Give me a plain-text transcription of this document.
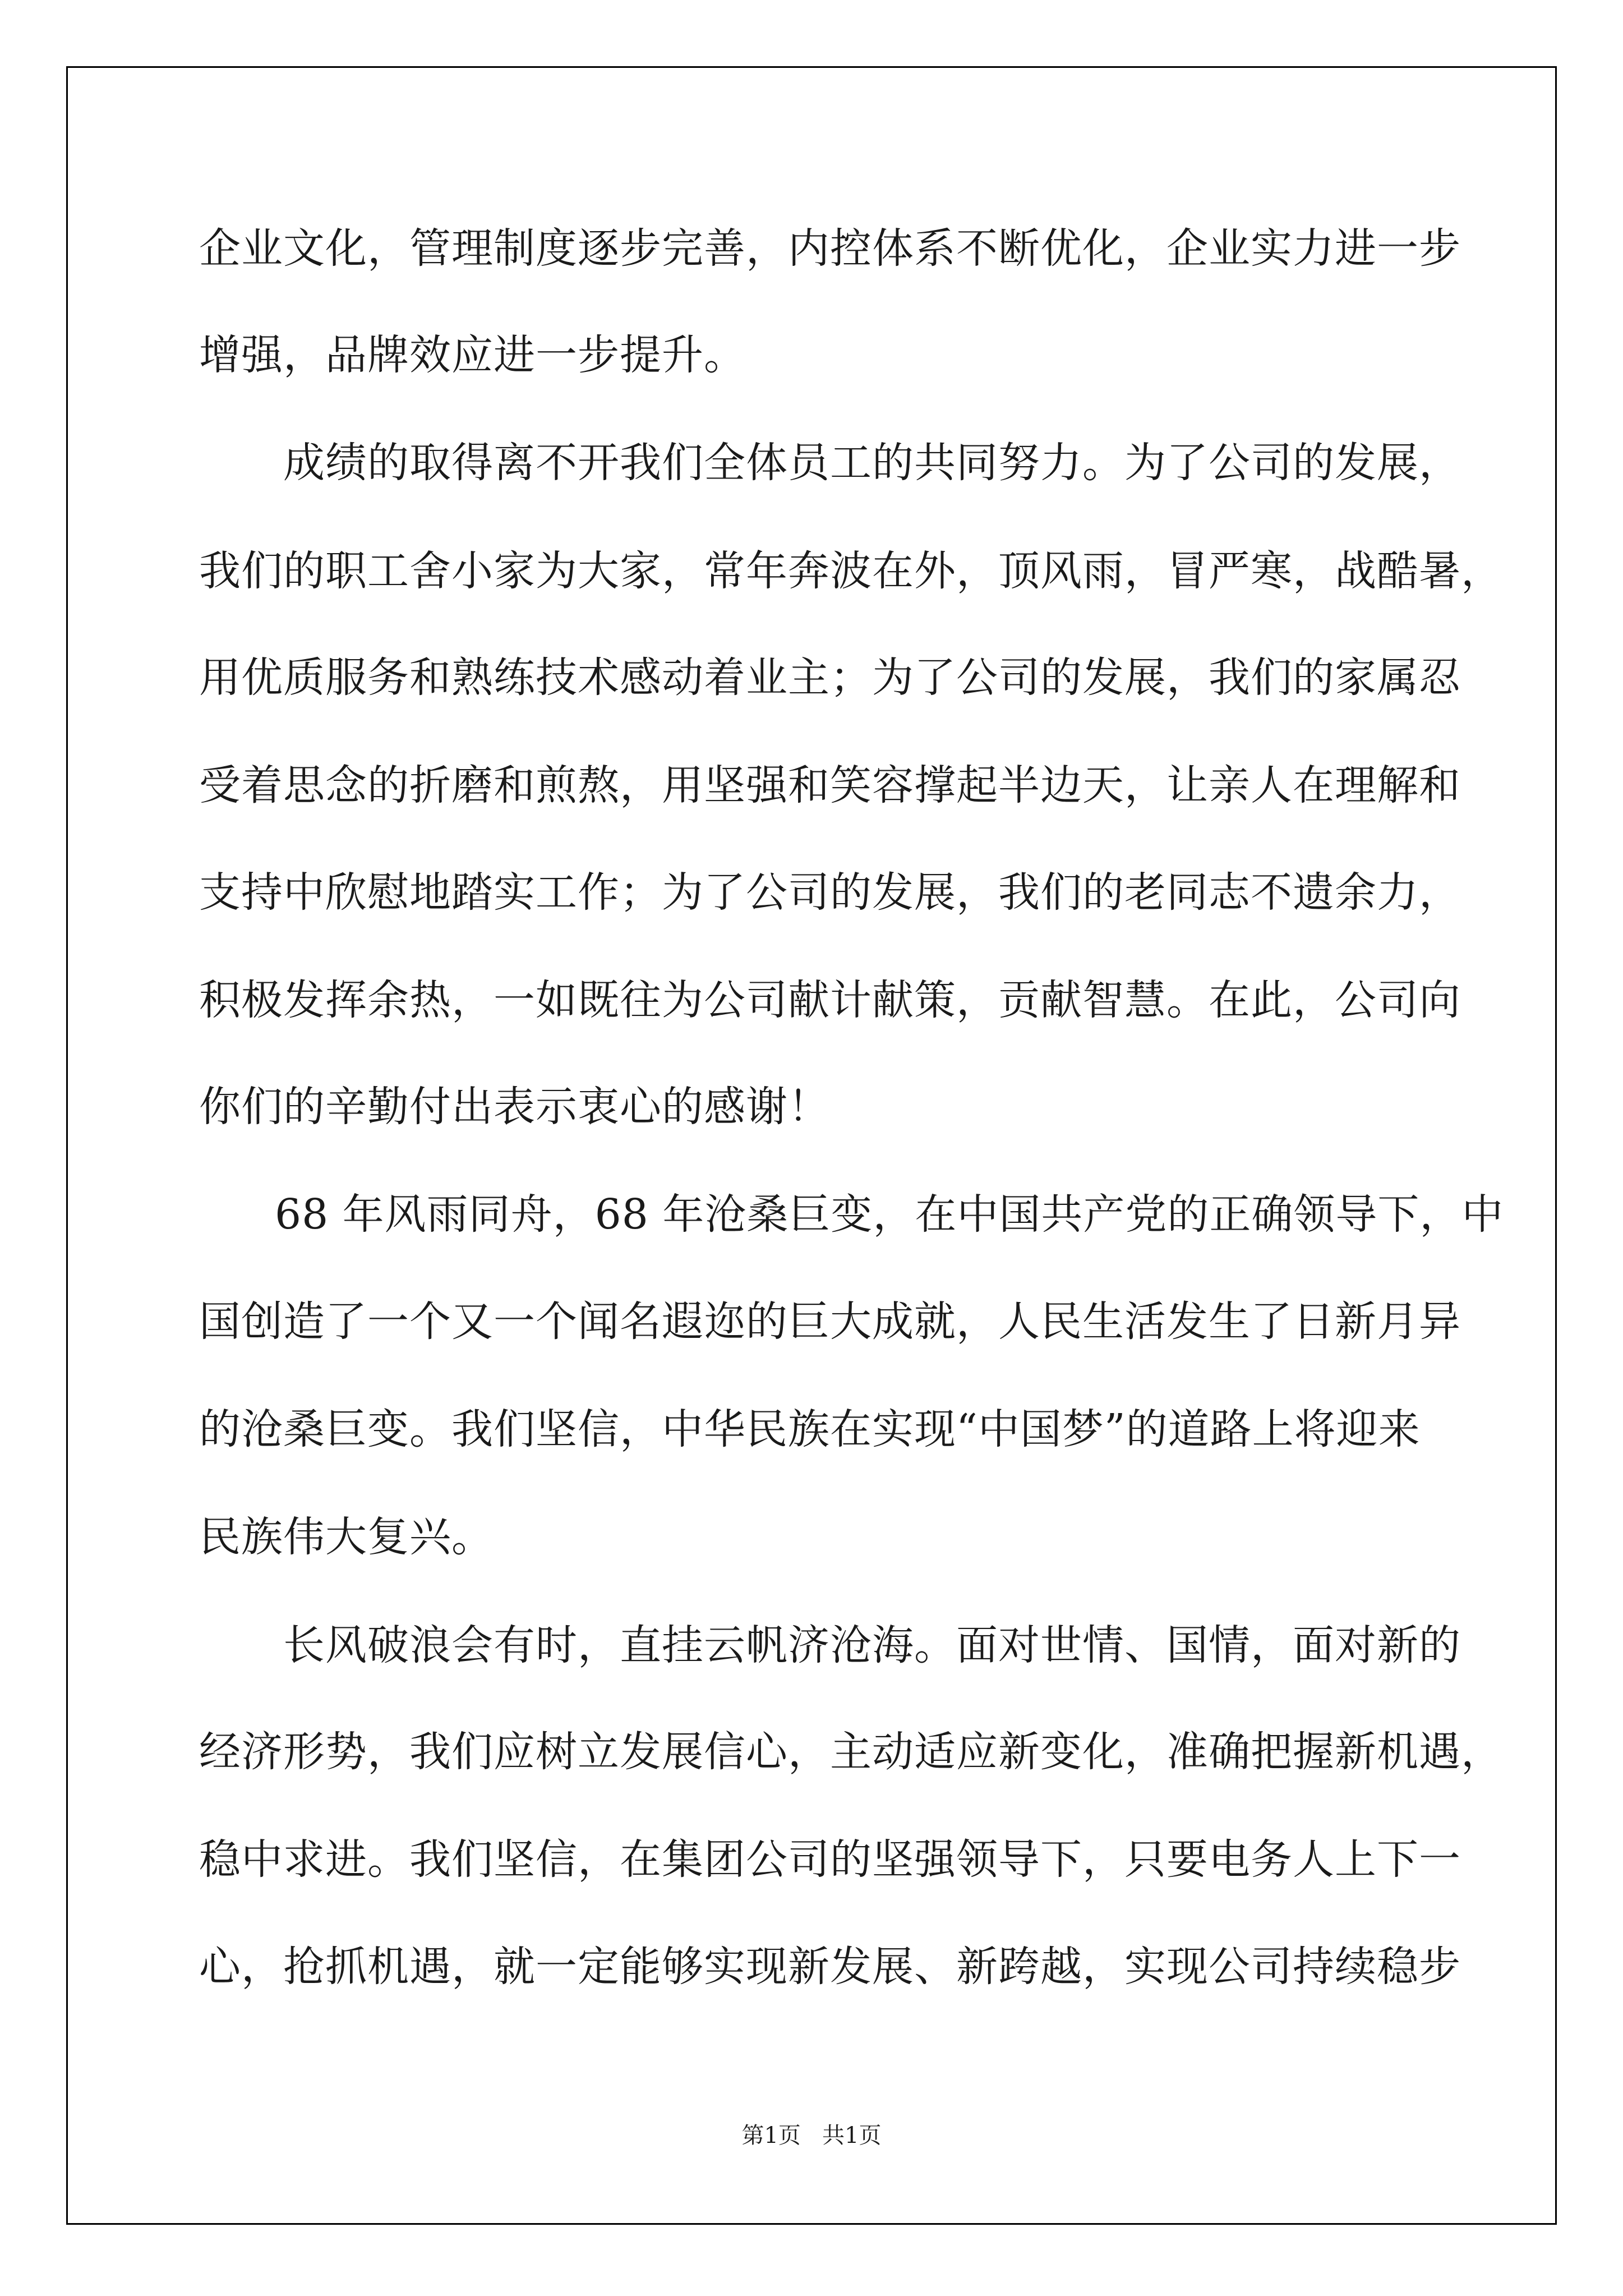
企业文化，管理制度逐步完善，内控体系不断优化，企业实力进一步
增强，品牌效应进一步提升。
成绩的取得离不开我们全体员工的共同努力。为了公司的发展，
我们的职工舍小家为大家，常年奔波在外，顶风雨，冒严寒，战酷暑，
用优质服务和熟练技术感动着业主；为了公司的发展，我们的家属忍
受着思念的折磨和煎熬，用坚强和笑容撑起半边天，让亲人在理解和
支持中欣慰地踏实工作；为了公司的发展，我们的老同志不遗余力，
积极发挥余热，一如既往为公司献计献策，贡献智慧。在此，公司向
你们的辛勤付出表示衷心的感谢！
68 年风雨同舟，68 年沧桑巨变，在中国共产党的正确领导下，中
国创造了一个又一个闻名遐迩的巨大成就，人民生活发生了日新月异
的沧桑巨变。我们坚信，中华民族在实现“中国梦”的道路上将迎来
民族伟大复兴。
长风破浪会有时，直挂云帆济沧海。面对世情、国情，面对新的
经济形势，我们应树立发展信心，主动适应新变化，准确把握新机遇，
稳中求进。我们坚信，在集团公司的坚强领导下，只要电务人上下一
心，抢抓机遇，就一定能够实现新发展、新跨越，实现公司持续稳步
第1页   共1页
